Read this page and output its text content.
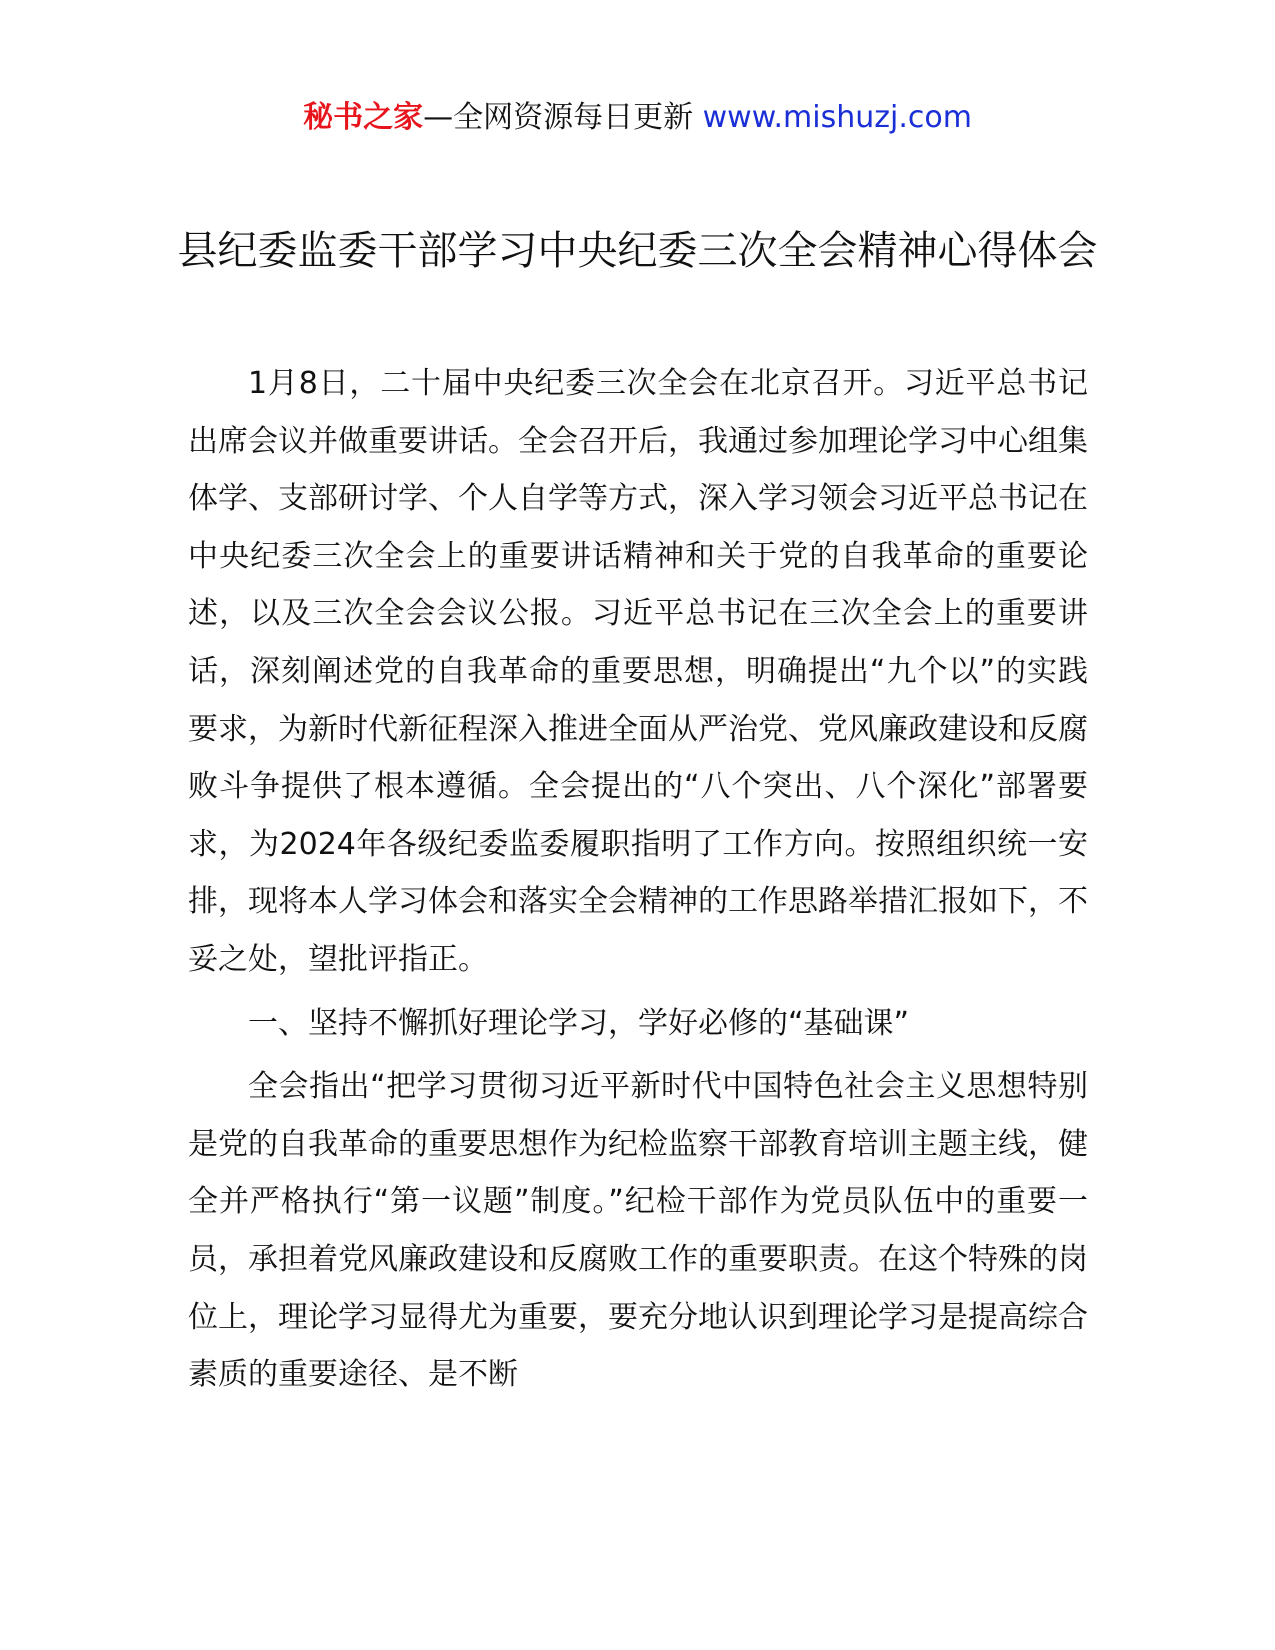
秘书之家—全网资源每日更新 www.mishuzj.com
县纪委监委干部学习中央纪委三次全会精神心得体会

1月8日，二十届中央纪委三次全会在北京召开。习近平总书记出席会议并做重要讲话。全会召开后，我通过参加理论学习中心组集体学、支部研讨学、个人自学等方式，深入学习领会习近平总书记在中央纪委三次全会上的重要讲话精神和关于党的自我革命的重要论述，以及三次全会会议公报。习近平总书记在三次全会上的重要讲话，深刻阐述党的自我革命的重要思想，明确提出“九个以”的实践要求，为新时代新征程深入推进全面从严治党、党风廉政建设和反腐败斗争提供了根本遵循。全会提出的“八个突出、八个深化”部署要求，为2024年各级纪委监委履职指明了工作方向。按照组织统一安排，现将本人学习体会和落实全会精神的工作思路举措汇报如下，不妥之处，望批评指正。

一、坚持不懈抓好理论学习，学好必修的“基础课”

全会指出“把学习贯彻习近平新时代中国特色社会主义思想特别是党的自我革命的重要思想作为纪检监察干部教育培训主题主线，健全并严格执行“第一议题”制度。”纪检干部作为党员队伍中的重要一员，承担着党风廉政建设和反腐败工作的重要职责。在这个特殊的岗位上，理论学习显得尤为重要，要充分地认识到理论学习是提高综合素质的重要途径、是不断
